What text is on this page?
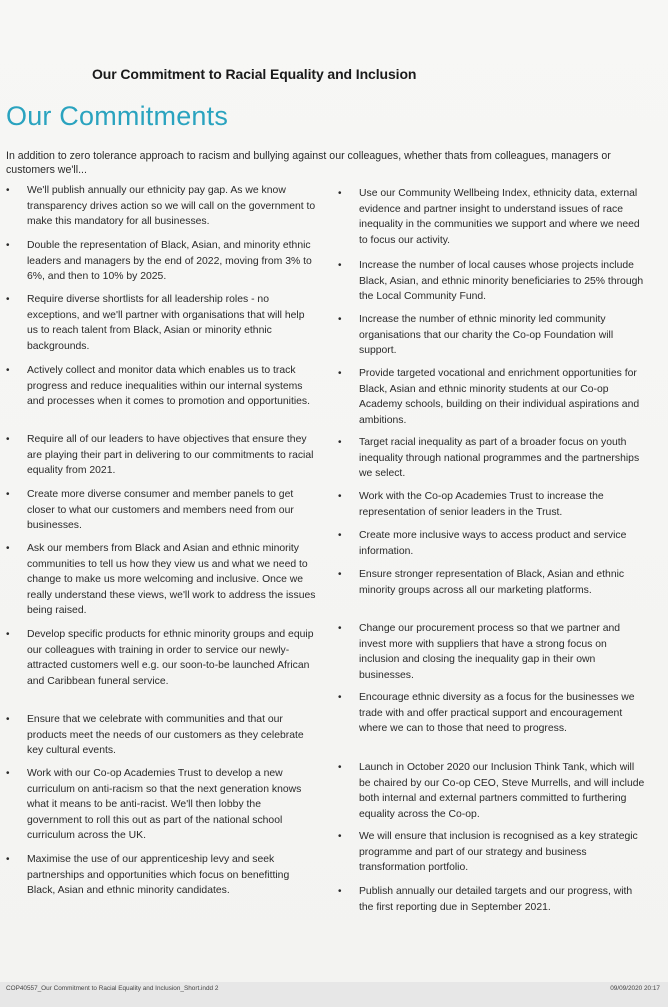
Our Commitment to Racial Equality and Inclusion
Our Commitments
In addition to zero tolerance approach to racism and bullying against our colleagues, whether thats from colleagues, managers or customers we'll...
•	We'll publish annually our ethnicity pay gap. As we know transparency drives action so we will call on the government to make this mandatory for all businesses.
•	Double the representation of Black, Asian, and minority ethnic leaders and managers by the end of 2022, moving from 3% to 6%, and then to 10% by 2025.
•	Require diverse shortlists for all leadership roles - no exceptions, and we'll partner with organisations that will help us to reach talent from Black, Asian or minority ethnic backgrounds.
•	Actively collect and monitor data which enables us to track progress and reduce inequalities within our internal systems and processes when it comes to promotion and opportunities.
•	Require all of our leaders to have objectives that ensure they are playing their part in delivering to our commitments to racial equality from 2021.
•	Create more diverse consumer and member panels to get closer to what our customers and members need from our businesses.
•	Ask our members from Black and Asian and ethnic minority communities to tell us how they view us and what we need to change to make us more welcoming and inclusive. Once we really understand these views, we'll work to address the issues being raised.
•	Develop specific products for ethnic minority groups and equip our colleagues with training in order to service our newly-attracted customers well e.g. our soon-to-be launched African and Caribbean funeral service.
•	Ensure that we celebrate with communities and that our products meet the needs of our customers as they celebrate key cultural events.
•	Work with our Co-op Academies Trust to develop a new curriculum on anti-racism so that the next generation knows what it means to be anti-racist. We'll then lobby the government to roll this out as part of the national school curriculum across the UK.
•	Maximise the use of our apprenticeship levy and seek partnerships and opportunities which focus on benefitting Black, Asian and ethnic minority candidates.
•	Use our Community Wellbeing Index, ethnicity data, external evidence and partner insight to understand issues of race inequality in the communities we support and where we need to focus our activity.
•	Increase the number of local causes whose projects include Black, Asian, and ethnic minority beneficiaries to 25% through the Local Community Fund.
•	Increase the number of ethnic minority led community organisations that our charity the Co-op Foundation will support.
•	Provide targeted vocational and enrichment opportunities for Black, Asian and ethnic minority students at our Co-op Academy schools, building on their individual aspirations and ambitions.
•	Target racial inequality as part of a broader focus on youth inequality through national programmes and the partnerships we select.
•	Work with the Co-op Academies Trust to increase the representation of senior leaders in the Trust.
•	Create more inclusive ways to access product and service information.
•	Ensure stronger representation of Black, Asian and ethnic minority groups across all our marketing platforms.
•	Change our procurement process so that we partner and invest more with suppliers that have a strong focus on inclusion and closing the inequality gap in their own businesses.
•	Encourage ethnic diversity as a focus for the businesses we trade with and offer practical support and encouragement where we can to those that need to progress.
•	Launch in October 2020 our Inclusion Think Tank, which will be chaired by our Co-op CEO, Steve Murrells, and will include both internal and external partners committed to furthering equality across the Co-op.
•	We will ensure that inclusion is recognised as a key strategic programme and part of our strategy and business transformation portfolio.
•	Publish annually our detailed targets and our progress, with the first reporting due in September 2021.
COP40557_Our Commitment to Racial Equality and Inclusion_Short.indd 2	09/09/2020 20:17
